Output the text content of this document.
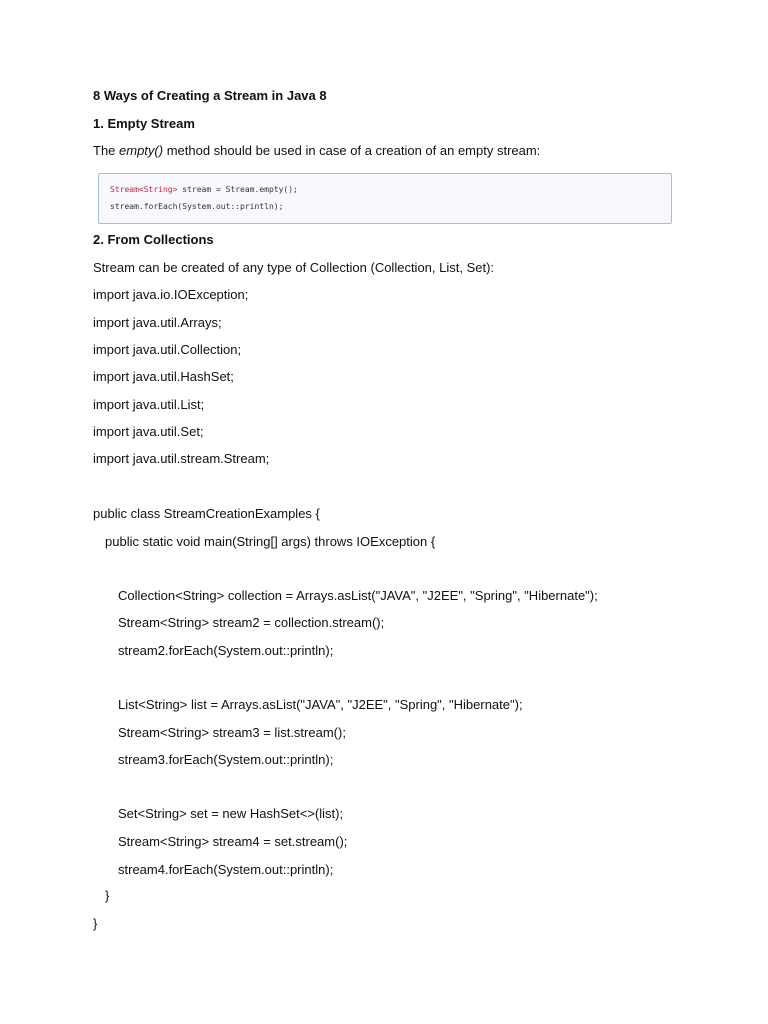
8 Ways of Creating a Stream in Java 8
1. Empty Stream
The empty() method should be used in case of a creation of an empty stream:
Stream<String> stream = Stream.empty();
stream.forEach(System.out::println);
2. From Collections
Stream can be created of any type of Collection (Collection, List, Set):
import java.io.IOException;
import java.util.Arrays;
import java.util.Collection;
import java.util.HashSet;
import java.util.List;
import java.util.Set;
import java.util.stream.Stream;
public class StreamCreationExamples {
public static void main(String[] args) throws IOException {
Collection<String> collection = Arrays.asList("JAVA", "J2EE", "Spring", "Hibernate");
Stream<String> stream2 = collection.stream();
stream2.forEach(System.out::println);
List<String> list = Arrays.asList("JAVA", "J2EE", "Spring", "Hibernate");
Stream<String> stream3 = list.stream();
stream3.forEach(System.out::println);
Set<String> set = new HashSet<>(list);
Stream<String> stream4 = set.stream();
stream4.forEach(System.out::println);
}
}
